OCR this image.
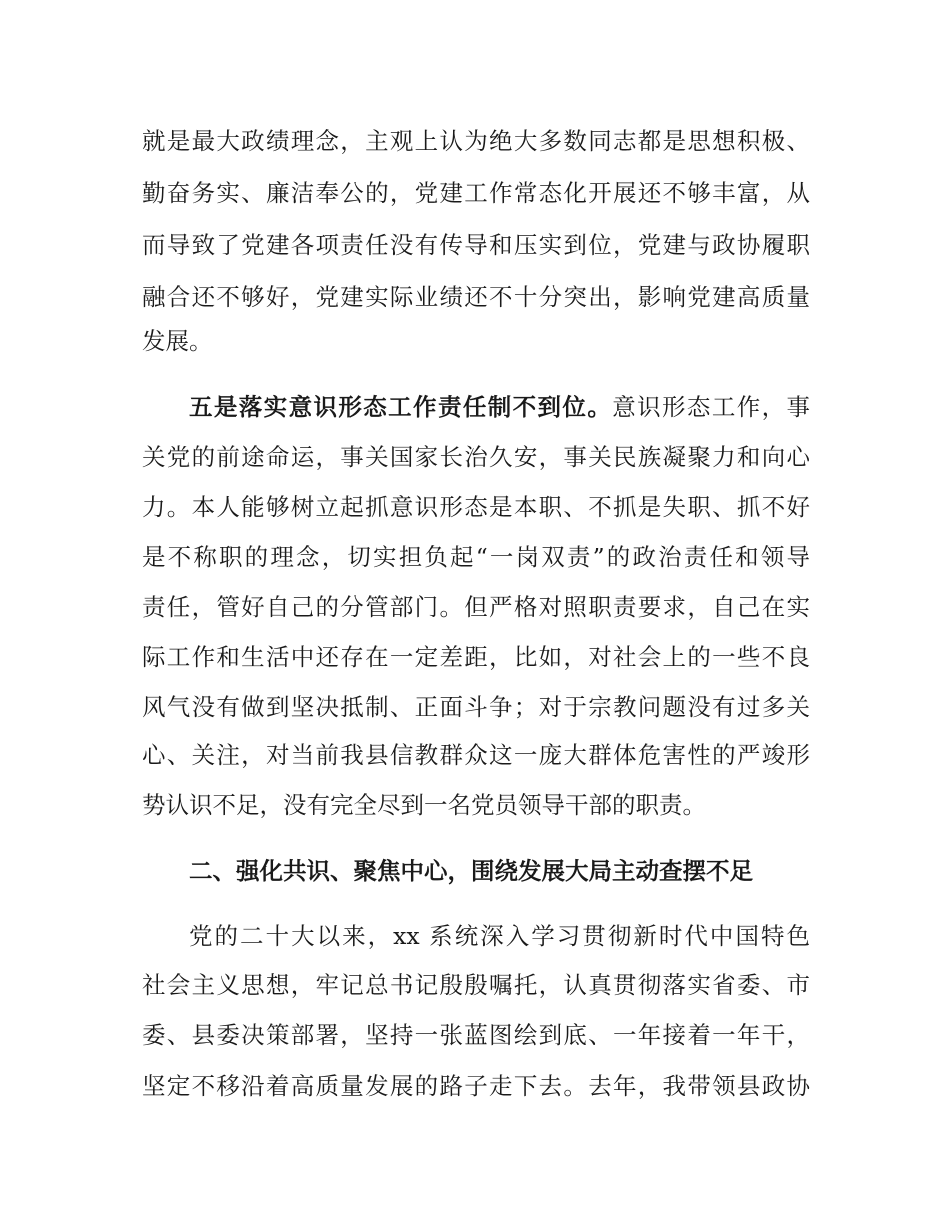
就是最大政绩理念，主观上认为绝大多数同志都是思想积极、
勤奋务实、廉洁奉公的，党建工作常态化开展还不够丰富，从
而导致了党建各项责任没有传导和压实到位，党建与政协履职
融合还不够好，党建实际业绩还不十分突出，影响党建高质量
发展。
五是落实意识形态工作责任制不到位。意识形态工作，事
关党的前途命运，事关国家长治久安，事关民族凝聚力和向心
力。本人能够树立起抓意识形态是本职、不抓是失职、抓不好
是不称职的理念，切实担负起“一岗双责”的政治责任和领导
责任，管好自己的分管部门。但严格对照职责要求，自己在实
际工作和生活中还存在一定差距，比如，对社会上的一些不良
风气没有做到坚决抵制、正面斗争；对于宗教问题没有过多关
心、关注，对当前我县信教群众这一庞大群体危害性的严竣形
势认识不足，没有完全尽到一名党员领导干部的职责。
二、强化共识、聚焦中心，围绕发展大局主动查摆不足
党的二十大以来，xx 系统深入学习贯彻新时代中国特色
社会主义思想，牢记总书记殷殷嘱托，认真贯彻落实省委、市
委、县委决策部署，坚持一张蓝图绘到底、一年接着一年干，
坚定不移沿着高质量发展的路子走下去。去年，我带领县政协
